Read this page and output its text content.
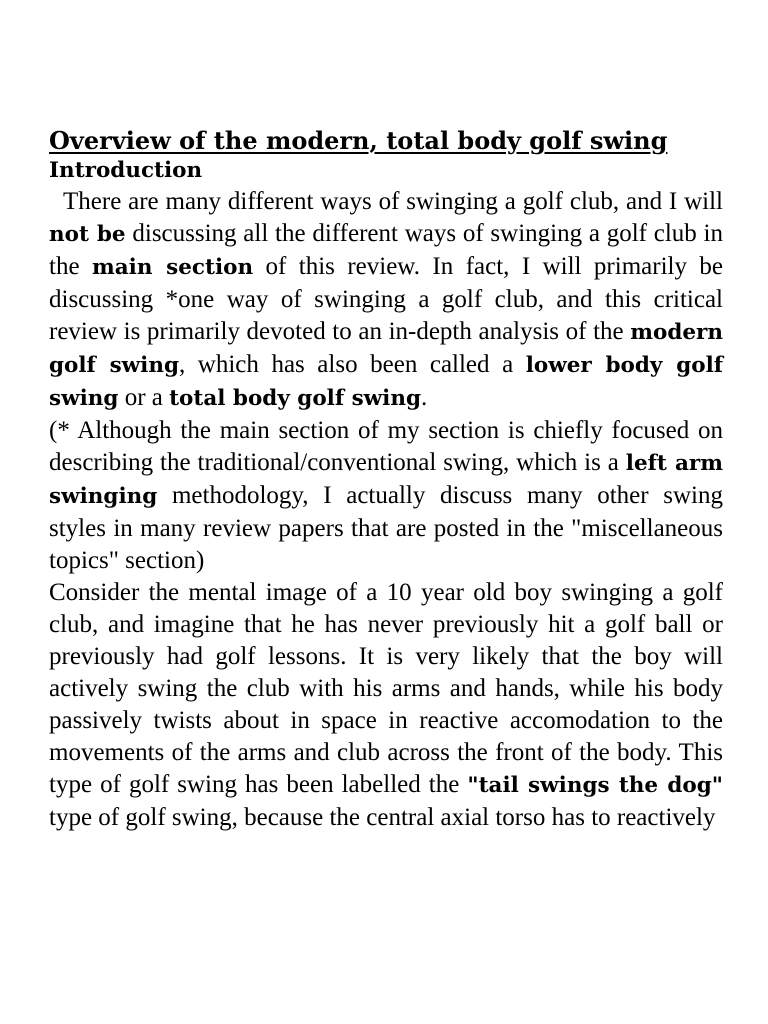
Overview of the modern, total body golf swing
Introduction

There are many different ways of swinging a golf club, and I will not be discussing all the different ways of swinging a golf club in the main section of this review. In fact, I will primarily be discussing *one way of swinging a golf club, and this critical review is primarily devoted to an in-depth analysis of the modern golf swing, which has also been called a lower body golf swing or a total body golf swing.

(* Although the main section of my section is chiefly focused on describing the traditional/conventional swing, which is a left arm swinging methodology, I actually discuss many other swing styles in many review papers that are posted in the "miscellaneous topics" section)

Consider the mental image of a 10 year old boy swinging a golf club, and imagine that he has never previously hit a golf ball or previously had golf lessons. It is very likely that the boy will actively swing the club with his arms and hands, while his body passively twists about in space in reactive accomodation to the movements of the arms and club across the front of the body. This type of golf swing has been labelled the "tail swings the dog" type of golf swing, because the central axial torso has to reactively
